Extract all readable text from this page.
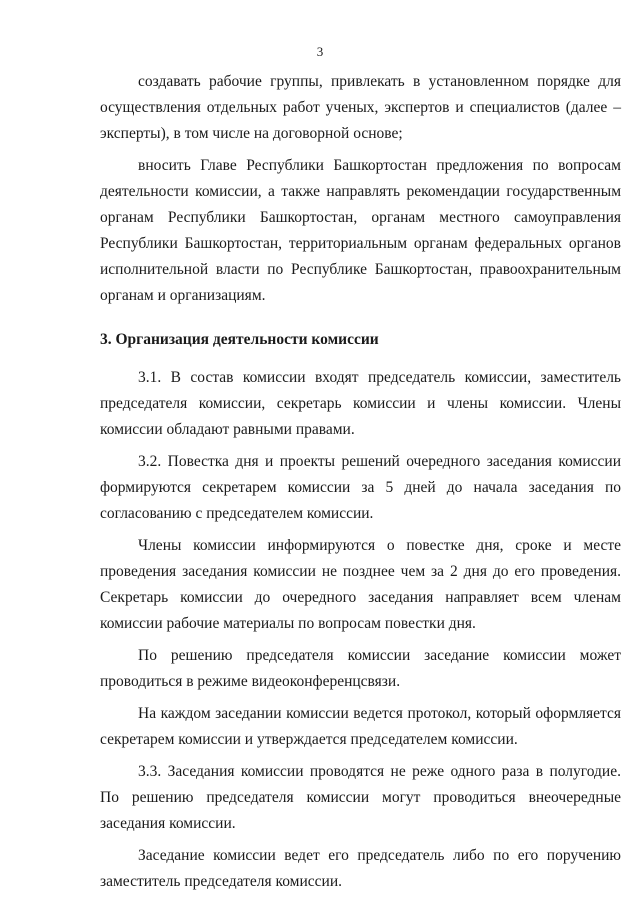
3

создавать рабочие группы, привлекать в установленном порядке для осуществления отдельных работ ученых, экспертов и специалистов (далее – эксперты), в том числе на договорной основе;

вносить Главе Республики Башкортостан предложения по вопросам деятельности комиссии, а также направлять рекомендации государственным органам Республики Башкортостан, органам местного самоуправления Республики Башкортостан, территориальным органам федеральных органов исполнительной власти по Республике Башкортостан, правоохранительным органам и организациям.

3. Организация деятельности комиссии

3.1. В состав комиссии входят председатель комиссии, заместитель председателя комиссии, секретарь комиссии и члены комиссии. Члены комиссии обладают равными правами.

3.2. Повестка дня и проекты решений очередного заседания комиссии формируются секретарем комиссии за 5 дней до начала заседания по согласованию с председателем комиссии.

Члены комиссии информируются о повестке дня, сроке и месте проведения заседания комиссии не позднее чем за 2 дня до его проведения. Секретарь комиссии до очередного заседания направляет всем членам комиссии рабочие материалы по вопросам повестки дня.

По решению председателя комиссии заседание комиссии может проводиться в режиме видеоконференцсвязи.

На каждом заседании комиссии ведется протокол, который оформляется секретарем комиссии и утверждается председателем комиссии.

3.3. Заседания комиссии проводятся не реже одного раза в полугодие. По решению председателя комиссии могут проводиться внеочередные заседания комиссии.

Заседание комиссии ведет его председатель либо по его поручению заместитель председателя комиссии.
